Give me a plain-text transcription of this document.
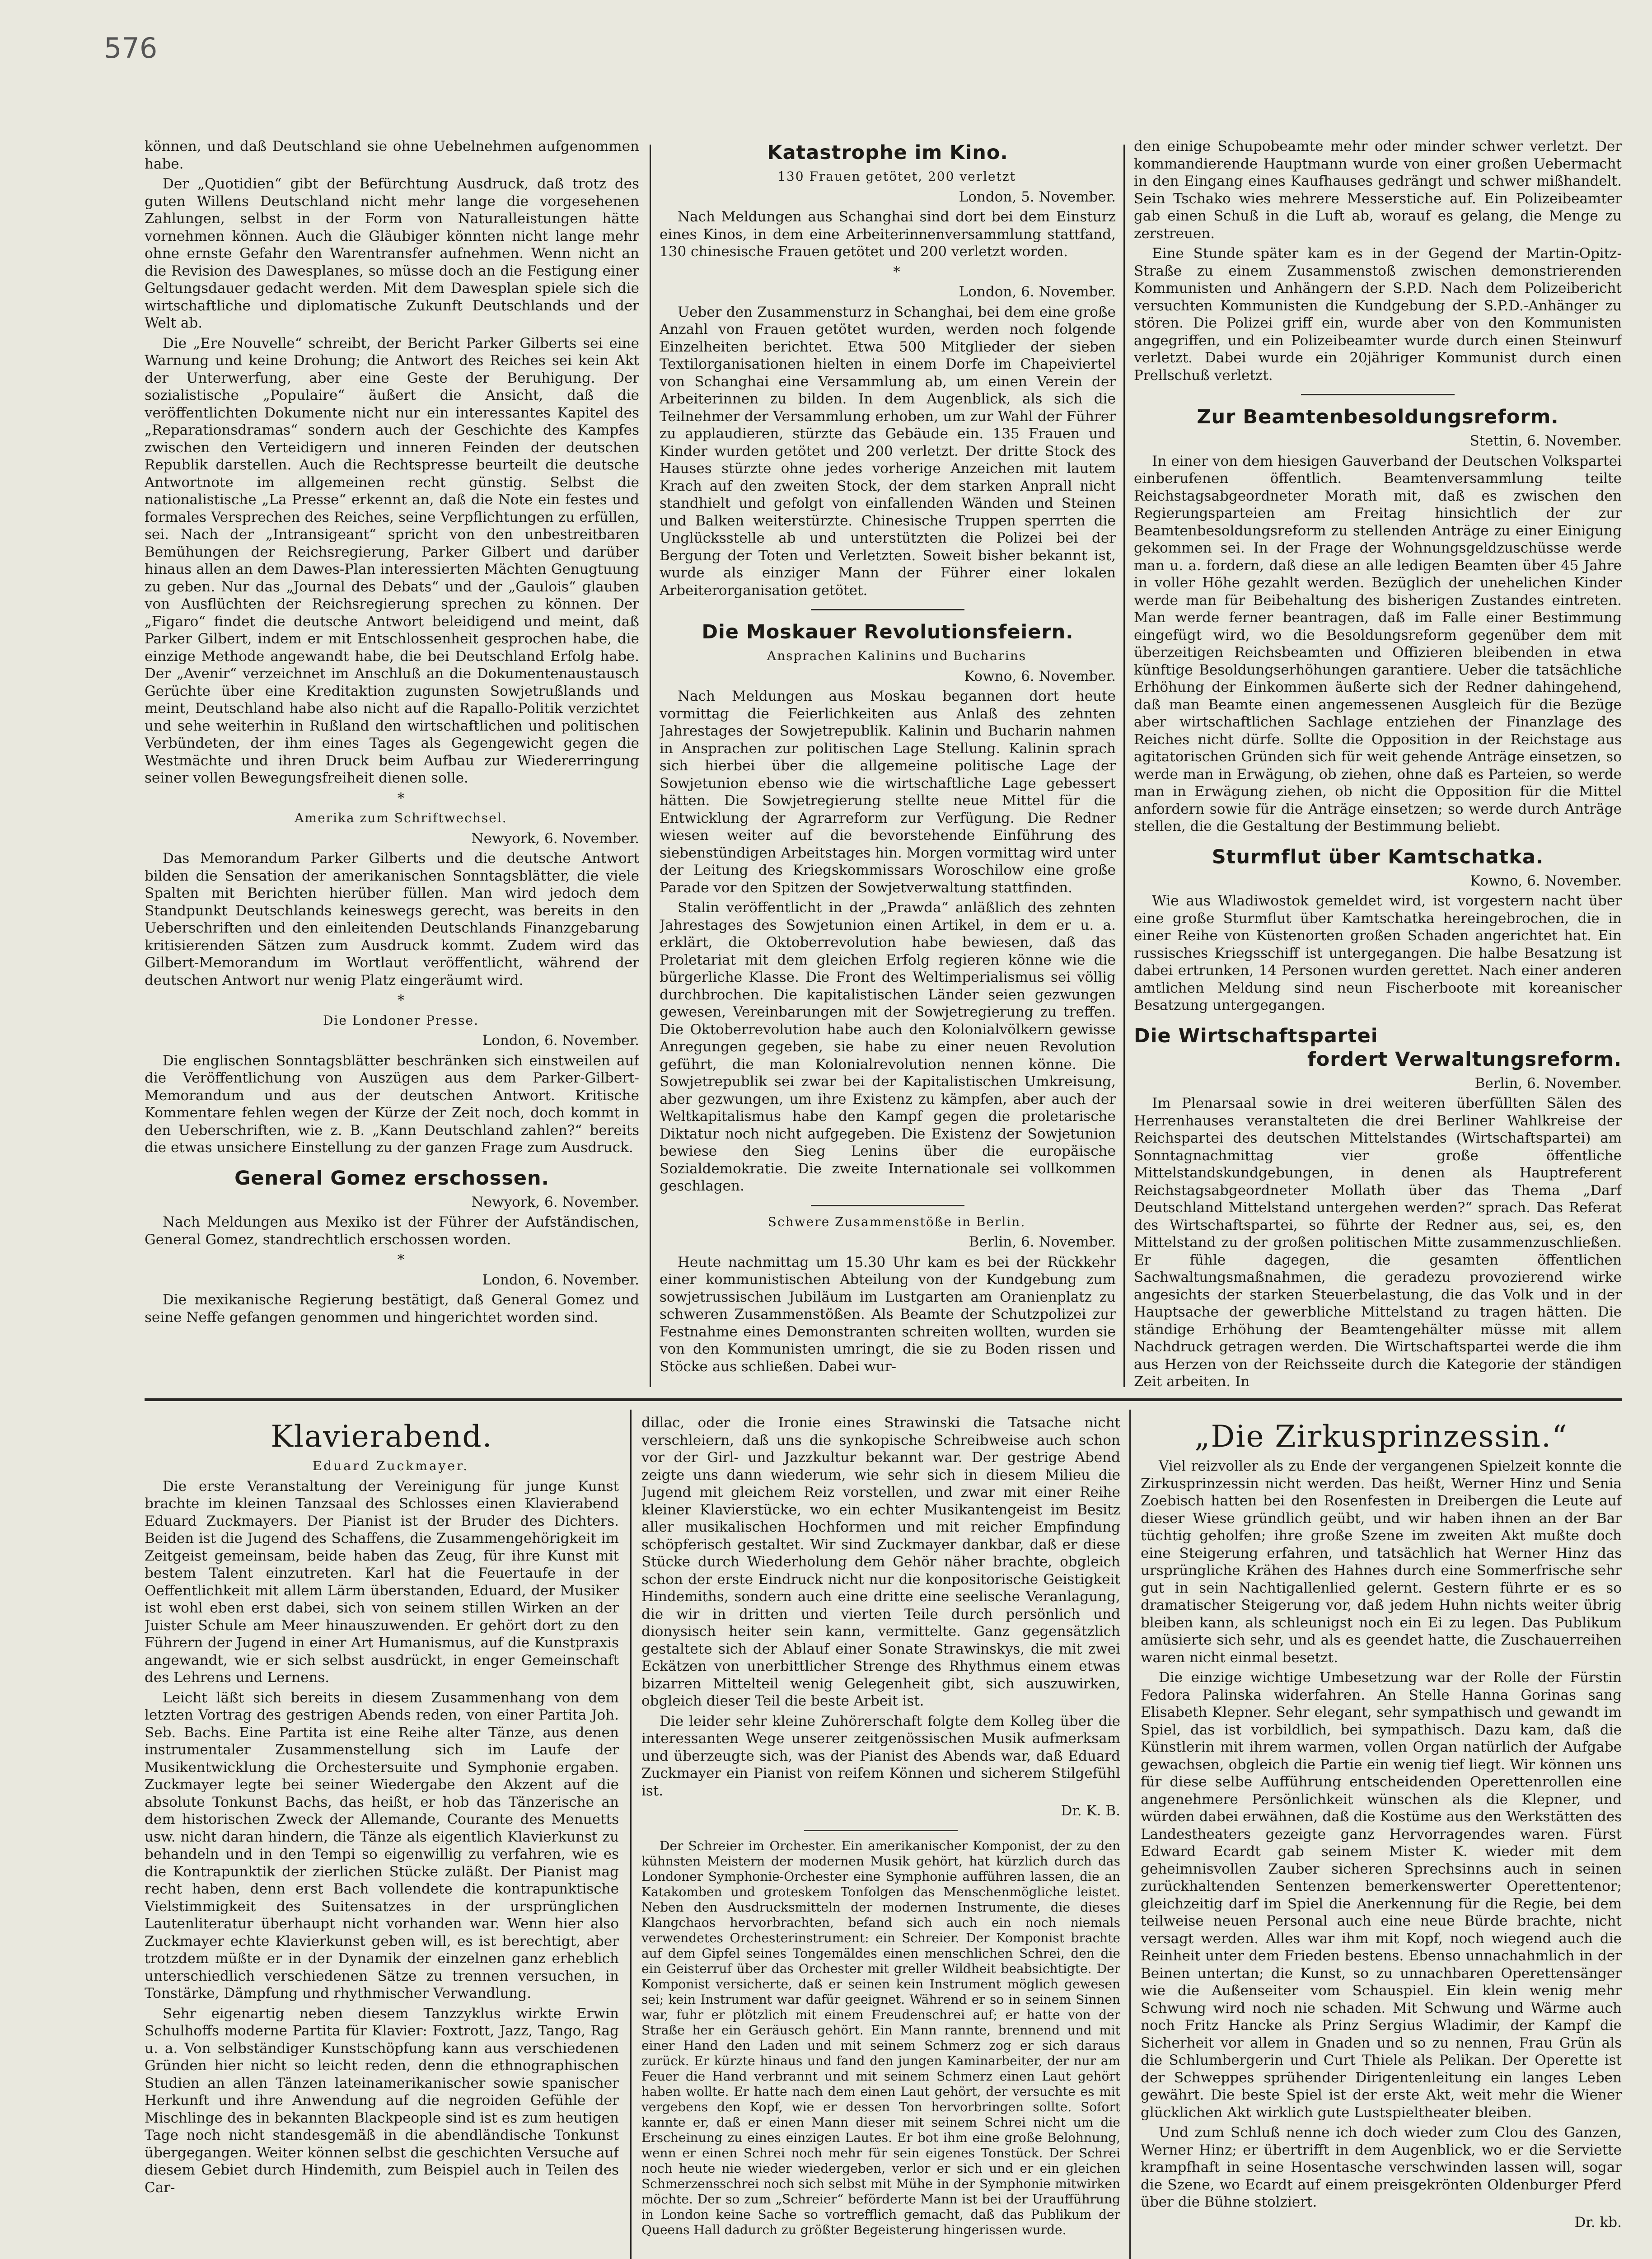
576

können, und daß Deutschland sie ohne Uebelnehmen aufgenommen habe.

Der „Quotidien“ gibt der Befürchtung Ausdruck, daß trotz des guten Willens Deutschland nicht mehr lange die vorgesehenen Zahlungen, selbst in der Form von Naturalleistungen hätte vornehmen können. Auch die Gläubiger könnten nicht lange mehr ohne ernste Gefahr den Warentransfer aufnehmen. Wenn nicht an die Revision des Dawesplanes, so müsse doch an die Festigung einer Geltungsdauer gedacht werden. Mit dem Dawesplan spiele sich die wirtschaftliche und diplomatische Zukunft Deutschlands und der Welt ab.

Die „Ere Nouvelle“ schreibt, der Bericht Parker Gilberts sei eine Warnung und keine Drohung; die Antwort des Reiches sei kein Akt der Unterwerfung, aber eine Geste der Beruhigung. Der sozialistische „Populaire“ äußert die Ansicht, daß die veröffentlichten Dokumente nicht nur ein interessantes Kapitel des „Reparationsdramas“ sondern auch der Geschichte des Kampfes zwischen den Verteidigern und inneren Feinden der deutschen Republik darstellen. Auch die Rechtspresse beurteilt die deutsche Antwortnote im allgemeinen recht günstig. Selbst die nationalistische „La Presse“ erkennt an, daß die Note ein festes und formales Versprechen des Reiches, seine Verpflichtungen zu erfüllen, sei. Nach der „Intransigeant“ spricht von den unbestreitbaren Bemühungen der Reichsregierung, Parker Gilbert und darüber hinaus allen an dem Dawes-Plan interessierten Mächten Genugtuung zu geben. Nur das „Journal des Debats“ und der „Gaulois“ glauben von Ausflüchten der Reichsregierung sprechen zu können. Der „Figaro“ findet die deutsche Antwort beleidigend und meint, daß Parker Gilbert, indem er mit Entschlossenheit gesprochen habe, die einzige Methode angewandt habe, die bei Deutschland Erfolg habe. Der „Avenir“ verzeichnet im Anschluß an die Dokumentenaustausch Gerüchte über eine Kreditaktion zugunsten Sowjetrußlands und meint, Deutschland habe also nicht auf die Rapallo-Politik verzichtet und sehe weiterhin in Rußland den wirtschaftlichen und politischen Verbündeten, der ihm eines Tages als Gegengewicht gegen die Westmächte und ihren Druck beim Aufbau zur Wiedererringung seiner vollen Bewegungsfreiheit dienen solle.

*

Amerika zum Schriftwechsel.

Newyork, 6. November.

Das Memorandum Parker Gilberts und die deutsche Antwort bilden die Sensation der amerikanischen Sonntagsblätter, die viele Spalten mit Berichten hierüber füllen. Man wird jedoch dem Standpunkt Deutschlands keineswegs gerecht, was bereits in den Ueberschriften und den einleitenden Deutschlands Finanzgebarung kritisierenden Sätzen zum Ausdruck kommt. Zudem wird das Gilbert-Memorandum im Wortlaut veröffentlicht, während der deutschen Antwort nur wenig Platz eingeräumt wird.

*

Die Londoner Presse.

London, 6. November.

Die englischen Sonntagsblätter beschränken sich einstweilen auf die Veröffentlichung von Auszügen aus dem Parker-Gilbert-Memorandum und aus der deutschen Antwort. Kritische Kommentare fehlen wegen der Kürze der Zeit noch, doch kommt in den Ueberschriften, wie z. B. „Kann Deutschland zahlen?“ bereits die etwas unsichere Einstellung zu der ganzen Frage zum Ausdruck.

General Gomez erschossen.

Newyork, 6. November.

Nach Meldungen aus Mexiko ist der Führer der Aufständischen, General Gomez, standrechtlich erschossen worden.

*

London, 6. November.

Die mexikanische Regierung bestätigt, daß General Gomez und seine Neffe gefangen genommen und hingerichtet worden sind.

Katastrophe im Kino.

130 Frauen getötet, 200 verletzt

London, 5. November.

Nach Meldungen aus Schanghai sind dort bei dem Einsturz eines Kinos, in dem eine Arbeiterinnenversammlung stattfand, 130 chinesische Frauen getötet und 200 verletzt worden.

*

London, 6. November.

Ueber den Zusammensturz in Schanghai, bei dem eine große Anzahl von Frauen getötet wurden, werden noch folgende Einzelheiten berichtet. Etwa 500 Mitglieder der sieben Textilorganisationen hielten in einem Dorfe im Chapeiviertel von Schanghai eine Versammlung ab, um einen Verein der Arbeiterinnen zu bilden. In dem Augenblick, als sich die Teilnehmer der Versammlung erhoben, um zur Wahl der Führer zu applaudieren, stürzte das Gebäude ein. 135 Frauen und Kinder wurden getötet und 200 verletzt. Der dritte Stock des Hauses stürzte ohne jedes vorherige Anzeichen mit lautem Krach auf den zweiten Stock, der dem starken Anprall nicht standhielt und gefolgt von einfallenden Wänden und Steinen und Balken weiterstürzte. Chinesische Truppen sperrten die Unglücksstelle ab und unterstützten die Polizei bei der Bergung der Toten und Verletzten. Soweit bisher bekannt ist, wurde als einziger Mann der Führer einer lokalen Arbeiterorganisation getötet.

Die Moskauer Revolutionsfeiern.

Ansprachen Kalinins und Bucharins

Kowno, 6. November.

Nach Meldungen aus Moskau begannen dort heute vormittag die Feierlichkeiten aus Anlaß des zehnten Jahrestages der Sowjetrepublik. Kalinin und Bucharin nahmen in Ansprachen zur politischen Lage Stellung. Kalinin sprach sich hierbei über die allgemeine politische Lage der Sowjetunion ebenso wie die wirtschaftliche Lage gebessert hätten. Die Sowjetregierung stellte neue Mittel für die Entwicklung der Agrarreform zur Verfügung. Die Redner wiesen weiter auf die bevorstehende Einführung des siebenstündigen Arbeitstages hin. Morgen vormittag wird unter der Leitung des Kriegskommissars Woroschilow eine große Parade vor den Spitzen der Sowjetverwaltung stattfinden.

Stalin veröffentlicht in der „Prawda“ anläßlich des zehnten Jahrestages des Sowjetunion einen Artikel, in dem er u. a. erklärt, die Oktoberrevolution habe bewiesen, daß das Proletariat mit dem gleichen Erfolg regieren könne wie die bürgerliche Klasse. Die Front des Weltimperialismus sei völlig durchbrochen. Die kapitalistischen Länder seien gezwungen gewesen, Vereinbarungen mit der Sowjetregierung zu treffen. Die Oktoberrevolution habe auch den Kolonialvölkern gewisse Anregungen gegeben, sie habe zu einer neuen Revolution geführt, die man Kolonialrevolution nennen könne. Die Sowjetrepublik sei zwar bei der Kapitalistischen Umkreisung, aber gezwungen, um ihre Existenz zu kämpfen, aber auch der Weltkapitalismus habe den Kampf gegen die proletarische Diktatur noch nicht aufgegeben. Die Existenz der Sowjetunion bewiese den Sieg Lenins über die europäische Sozialdemokratie. Die zweite Internationale sei vollkommen geschlagen.

Schwere Zusammenstöße in Berlin.

Berlin, 6. November.

Heute nachmittag um 15.30 Uhr kam es bei der Rückkehr einer kommunistischen Abteilung von der Kundgebung zum sowjetrussischen Jubiläum im Lustgarten am Oranienplatz zu schweren Zusammenstößen. Als Beamte der Schutzpolizei zur Festnahme eines Demonstranten schreiten wollten, wurden sie von den Kommunisten umringt, die sie zu Boden rissen und Stöcke aus schließen. Dabei wur-

den einige Schupobeamte mehr oder minder schwer verletzt. Der kommandierende Hauptmann wurde von einer großen Uebermacht in den Eingang eines Kaufhauses gedrängt und schwer mißhandelt. Sein Tschako wies mehrere Messerstiche auf. Ein Polizeibeamter gab einen Schuß in die Luft ab, worauf es gelang, die Menge zu zerstreuen.

Eine Stunde später kam es in der Gegend der Martin-Opitz-Straße zu einem Zusammenstoß zwischen demonstrierenden Kommunisten und Anhängern der S.P.D. Nach dem Polizeibericht versuchten Kommunisten die Kundgebung der S.P.D.-Anhänger zu stören. Die Polizei griff ein, wurde aber von den Kommunisten angegriffen, und ein Polizeibeamter wurde durch einen Steinwurf verletzt. Dabei wurde ein 20jähriger Kommunist durch einen Prellschuß verletzt.

Zur Beamtenbesoldungsreform.

Stettin, 6. November.

In einer von dem hiesigen Gauverband der Deutschen Volkspartei einberufenen öffentlich. Beamtenversammlung teilte Reichstagsabgeordneter Morath mit, daß es zwischen den Regierungsparteien am Freitag hinsichtlich der zur Beamtenbesoldungsreform zu stellenden Anträge zu einer Einigung gekommen sei. In der Frage der Wohnungsgeldzuschüsse werde man u. a. fordern, daß diese an alle ledigen Beamten über 45 Jahre in voller Höhe gezahlt werden. Bezüglich der unehelichen Kinder werde man für Beibehaltung des bisherigen Zustandes eintreten. Man werde ferner beantragen, daß im Falle einer Bestimmung eingefügt wird, wo die Besoldungsreform gegenüber dem mit überzeitigen Reichsbeamten und Offizieren bleibenden in etwa künftige Besoldungserhöhungen garantiere. Ueber die tatsächliche Erhöhung der Einkommen äußerte sich der Redner dahingehend, daß man Beamte einen angemessenen Ausgleich für die Bezüge aber wirtschaftlichen Sachlage entziehen der Finanzlage des Reiches nicht dürfe. Sollte die Opposition in der Reichstage aus agitatorischen Gründen sich für weit gehende Anträge einsetzen, so werde man in Erwägung, ob ziehen, ohne daß es Parteien, so werde man in Erwägung ziehen, ob nicht die Opposition für die Mittel anfordern sowie für die Anträge einsetzen; so werde durch Anträge stellen, die die Gestaltung der Bestimmung beliebt.

Sturmflut über Kamtschatka.

Kowno, 6. November.

Wie aus Wladiwostok gemeldet wird, ist vorgestern nacht über eine große Sturmflut über Kamtschatka hereingebrochen, die in einer Reihe von Küstenorten großen Schaden angerichtet hat. Ein russisches Kriegsschiff ist untergegangen. Die halbe Besatzung ist dabei ertrunken, 14 Personen wurden gerettet. Nach einer anderen amtlichen Meldung sind neun Fischerboote mit koreanischer Besatzung untergegangen.

Die Wirtschaftspartei
fordert Verwaltungsreform.

Berlin, 6. November.

Im Plenarsaal sowie in drei weiteren überfüllten Sälen des Herrenhauses veranstalteten die drei Berliner Wahlkreise der Reichspartei des deutschen Mittelstandes (Wirtschaftspartei) am Sonntagnachmittag vier große öffentliche Mittelstandskundgebungen, in denen als Hauptreferent Reichstagsabgeordneter Mollath über das Thema „Darf Deutschland Mittelstand untergehen werden?“ sprach. Das Referat des Wirtschaftspartei, so führte der Redner aus, sei, es, den Mittelstand zu der großen politischen Mitte zusammenzuschließen. Er fühle dagegen, die gesamten öffentlichen Sachwaltungsmaßnahmen, die geradezu provozierend wirke angesichts der starken Steuerbelastung, die das Volk und in der Hauptsache der gewerbliche Mittelstand zu tragen hätten. Die ständige Erhöhung der Beamtengehälter müsse mit allem Nachdruck getragen werden. Die Wirtschaftspartei werde die ihm aus Herzen von der Reichsseite durch die Kategorie der ständigen Zeit arbeiten. In

Klavierabend.

Eduard Zuckmayer.

Die erste Veranstaltung der Vereinigung für junge Kunst brachte im kleinen Tanzsaal des Schlosses einen Klavierabend Eduard Zuckmayers. Der Pianist ist der Bruder des Dichters. Beiden ist die Jugend des Schaffens, die Zusammengehörigkeit im Zeitgeist gemeinsam, beide haben das Zeug, für ihre Kunst mit bestem Talent einzutreten. Karl hat die Feuertaufe in der Oeffentlichkeit mit allem Lärm überstanden, Eduard, der Musiker ist wohl eben erst dabei, sich von seinem stillen Wirken an der Juister Schule am Meer hinauszuwenden. Er gehört dort zu den Führern der Jugend in einer Art Humanismus, auf die Kunstpraxis angewandt, wie er sich selbst ausdrückt, in enger Gemeinschaft des Lehrens und Lernens.

Leicht läßt sich bereits in diesem Zusammenhang von dem letzten Vortrag des gestrigen Abends reden, von einer Partita Joh. Seb. Bachs. Eine Partita ist eine Reihe alter Tänze, aus denen instrumentaler Zusammenstellung sich im Laufe der Musikentwicklung die Orchestersuite und Symphonie ergaben. Zuckmayer legte bei seiner Wiedergabe den Akzent auf die absolute Tonkunst Bachs, das heißt, er hob das Tänzerische an dem historischen Zweck der Allemande, Courante des Menuetts usw. nicht daran hindern, die Tänze als eigentlich Klavierkunst zu behandeln und in den Tempi so eigenwillig zu verfahren, wie es die Kontrapunktik der zierlichen Stücke zuläßt. Der Pianist mag recht haben, denn erst Bach vollendete die kontrapunktische Vielstimmigkeit des Suitensatzes in der ursprünglichen Lautenliteratur überhaupt nicht vorhanden war. Wenn hier also Zuckmayer echte Klavierkunst geben will, es ist berechtigt, aber trotzdem müßte er in der Dynamik der einzelnen ganz erheblich unterschiedlich verschiedenen Sätze zu trennen versuchen, in Tonstärke, Dämpfung und rhythmischer Verwandlung.

Sehr eigenartig neben diesem Tanzzyklus wirkte Erwin Schulhoffs moderne Partita für Klavier: Foxtrott, Jazz, Tango, Rag u. a. Von selbständiger Kunstschöpfung kann aus verschiedenen Gründen hier nicht so leicht reden, denn die ethnographischen Studien an allen Tänzen lateinamerikanischer sowie spanischer Herkunft und ihre Anwendung auf die negroiden Gefühle der Mischlinge des in bekannten Blackpeople sind ist es zum heutigen Tage noch nicht standesgemäß in die abendländische Tonkunst übergegangen. Weiter können selbst die geschichten Versuche auf diesem Gebiet durch Hindemith, zum Beispiel auch in Teilen des Car-

dillac, oder die Ironie eines Strawinski die Tatsache nicht verschleiern, daß uns die synkopische Schreibweise auch schon vor der Girl- und Jazzkultur bekannt war. Der gestrige Abend zeigte uns dann wiederum, wie sehr sich in diesem Milieu die Jugend mit gleichem Reiz vorstellen, und zwar mit einer Reihe kleiner Klavierstücke, wo ein echter Musikantengeist im Besitz aller musikalischen Hochformen und mit reicher Empfindung schöpferisch gestaltet. Wir sind Zuckmayer dankbar, daß er diese Stücke durch Wiederholung dem Gehör näher brachte, obgleich schon der erste Eindruck nicht nur die konpositorische Geistigkeit Hindemiths, sondern auch eine dritte eine seelische Veranlagung, die wir in dritten und vierten Teile durch persönlich und dionysisch heiter sein kann, vermittelte. Ganz gegensätzlich gestaltete sich der Ablauf einer Sonate Strawinskys, die mit zwei Eckätzen von unerbittlicher Strenge des Rhythmus einem etwas bizarren Mittelteil wenig Gelegenheit gibt, sich auszuwirken, obgleich dieser Teil die beste Arbeit ist.

Die leider sehr kleine Zuhörerschaft folgte dem Kolleg über die interessanten Wege unserer zeitgenössischen Musik aufmerksam und überzeugte sich, was der Pianist des Abends war, daß Eduard Zuckmayer ein Pianist von reifem Können und sicherem Stilgefühl ist.

Dr. K. B.

Der Schreier im Orchester. Ein amerikanischer Komponist, der zu den kühnsten Meistern der modernen Musik gehört, hat kürzlich durch das Londoner Symphonie-Orchester eine Symphonie aufführen lassen, die an Katakomben und groteskem Tonfolgen das Menschenmögliche leistet. Neben den Ausdrucksmitteln der modernen Instrumente, die dieses Klangchaos hervorbrachten, befand sich auch ein noch niemals verwendetes Orchesterinstrument: ein Schreier. Der Komponist brachte auf dem Gipfel seines Tongemäldes einen menschlichen Schrei, den die ein Geisterruf über das Orchester mit greller Wildheit beabsichtigte. Der Komponist versicherte, daß er seinen kein Instrument möglich gewesen sei; kein Instrument war dafür geeignet. Während er so in seinem Sinnen war, fuhr er plötzlich mit einem Freudenschrei auf; er hatte von der Straße her ein Geräusch gehört. Ein Mann rannte, brennend und mit einer Hand den Laden und mit seinem Schmerz zog er sich daraus zurück. Er kürzte hinaus und fand den jungen Kaminarbeiter, der nur am Feuer die Hand verbrannt und mit seinem Schmerz einen Laut gehört haben wollte. Er hatte nach dem einen Laut gehört, der versuchte es mit vergebens den Kopf, wie er dessen Ton hervorbringen sollte. Sofort kannte er, daß er einen Mann dieser mit seinem Schrei nicht um die Erscheinung zu eines einzigen Lautes. Er bot ihm eine große Belohnung, wenn er einen Schrei noch mehr für sein eigenes Tonstück. Der Schrei noch heute nie wieder wiedergeben, verlor er sich und er ein gleichen Schmerzensschrei noch sich selbst mit Mühe in der Symphonie mitwirken möchte. Der so zum „Schreier“ beförderte Mann ist bei der Uraufführung in London keine Sache so vortrefflich gemacht, daß das Publikum der Queens Hall dadurch zu größter Begeisterung hingerissen wurde.

„Die Zirkusprinzessin.“

Viel reizvoller als zu Ende der vergangenen Spielzeit konnte die Zirkusprinzessin nicht werden. Das heißt, Werner Hinz und Senia Zoebisch hatten bei den Rosenfesten in Dreibergen die Leute auf dieser Wiese gründlich geübt, und wir haben ihnen an der Bar tüchtig geholfen; ihre große Szene im zweiten Akt mußte doch eine Steigerung erfahren, und tatsächlich hat Werner Hinz das ursprüngliche Krähen des Hahnes durch eine Sommerfrische sehr gut in sein Nachtigallenlied gelernt. Gestern führte er es so dramatischer Steigerung vor, daß jedem Huhn nichts weiter übrig bleiben kann, als schleunigst noch ein Ei zu legen. Das Publikum amüsierte sich sehr, und als es geendet hatte, die Zuschauerreihen waren nicht einmal besetzt.

Die einzige wichtige Umbesetzung war der Rolle der Fürstin Fedora Palinska widerfahren. An Stelle Hanna Gorinas sang Elisabeth Klepner. Sehr elegant, sehr sympathisch und gewandt im Spiel, das ist vorbildlich, bei sympathisch. Dazu kam, daß die Künstlerin mit ihrem warmen, vollen Organ natürlich der Aufgabe gewachsen, obgleich die Partie ein wenig tief liegt. Wir können uns für diese selbe Aufführung entscheidenden Operettenrollen eine angenehmere Persönlichkeit wünschen als die Klepner, und würden dabei erwähnen, daß die Kostüme aus den Werkstätten des Landestheaters gezeigte ganz Hervorragendes waren. Fürst Edward Ecardt gab seinem Mister K. wieder mit dem geheimnisvollen Zauber sicheren Sprechsinns auch in seinen zurückhaltenden Sentenzen bemerkenswerter Operettentenor; gleichzeitig darf im Spiel die Anerkennung für die Regie, bei dem teilweise neuen Personal auch eine neue Bürde brachte, nicht versagt werden. Alles war ihm mit Kopf, noch wiegend auch die Reinheit unter dem Frieden bestens. Ebenso unnachahmlich in der Beinen untertan; die Kunst, so zu unnachbaren Operettensänger wie die Außenseiter vom Schauspiel. Ein klein wenig mehr Schwung wird noch nie schaden. Mit Schwung und Wärme auch noch Fritz Hancke als Prinz Sergius Wladimir, der Kampf die Sicherheit vor allem in Gnaden und so zu nennen, Frau Grün als die Schlumbergerin und Curt Thiele als Pelikan. Der Operette ist der Schweppes sprühender Dirigentenleitung ein langes Leben gewährt. Die beste Spiel ist der erste Akt, weit mehr die Wiener glücklichen Akt wirklich gute Lustspieltheater bleiben.

Und zum Schluß nenne ich doch wieder zum Clou des Ganzen, Werner Hinz; er übertrifft in dem Augenblick, wo er die Serviette krampfhaft in seine Hosentasche verschwinden lassen will, sogar die Szene, wo Ecardt auf einem preisgekrönten Oldenburger Pferd über die Bühne stolziert.

Dr. kb.
